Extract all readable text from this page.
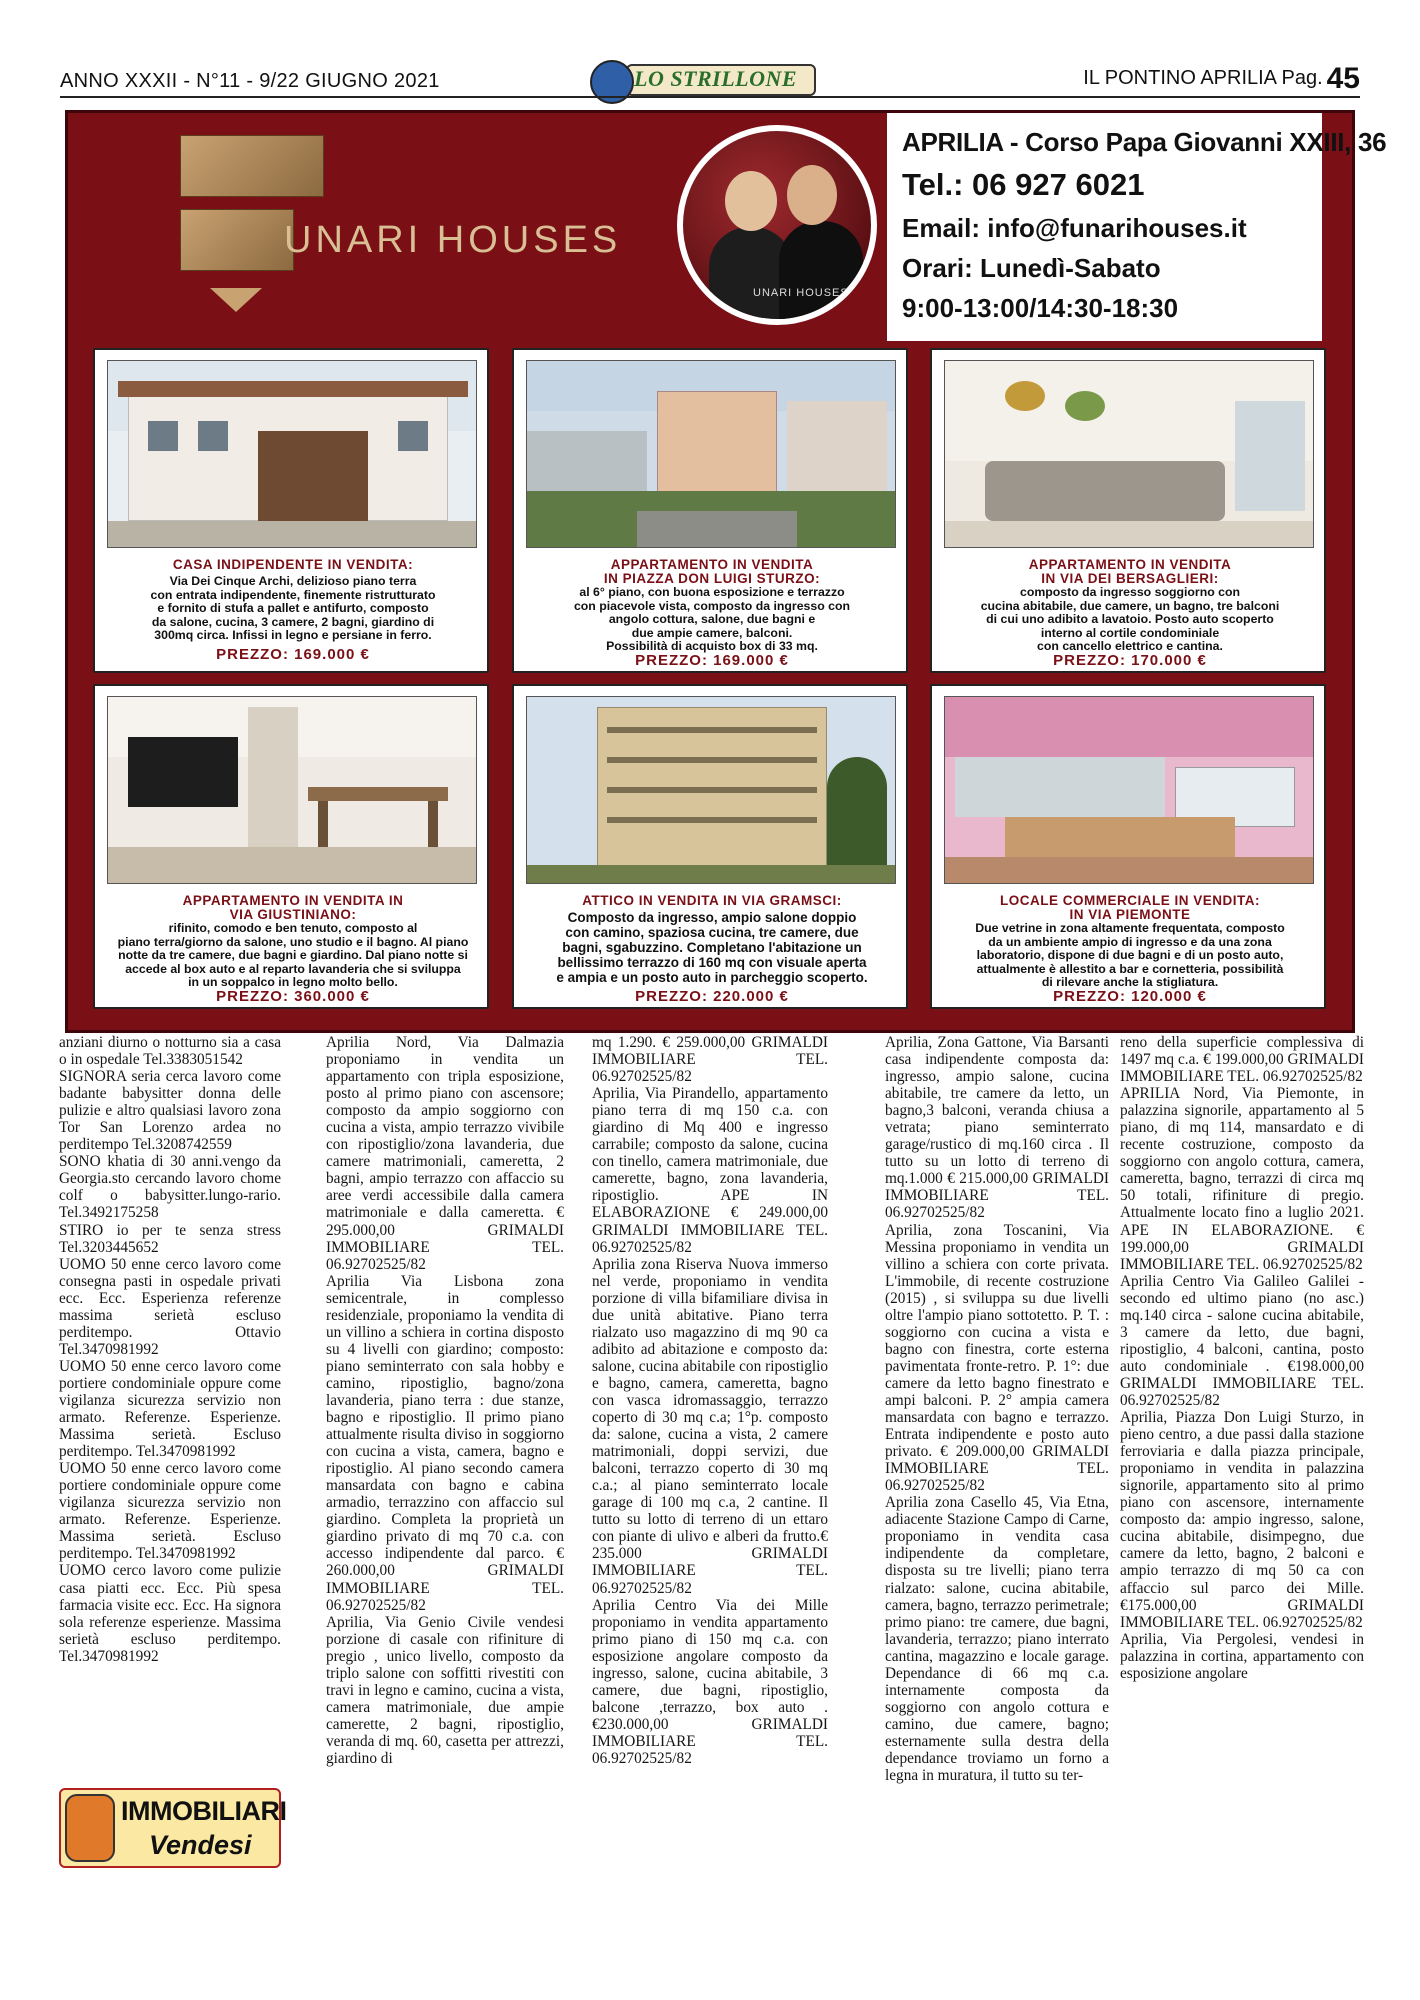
ANNO XXXII - N°11 - 9/22 GIUGNO 2021	IL PONTINO APRILIA Pag. 45
LO STRILLONE
UNARI HOUSES
UNARI HOUSES
APRILIA - Corso Papa Giovanni XXIII, 36
Tel.: 06 927 6021
Email: info@funarihouses.it
Orari: Lunedì-Sabato
9:00-13:00/14:30-18:30
CASA INDIPENDENTE IN VENDITA:
Via Dei Cinque Archi, delizioso piano terra
con entrata indipendente, finemente ristrutturato
e fornito di stufa a pallet e antifurto, composto
da salone, cucina, 3 camere, 2 bagni, giardino di
300mq circa. Infissi in legno e persiane in ferro.
PREZZO: 169.000 €
APPARTAMENTO IN VENDITA
IN PIAZZA DON LUIGI STURZO:
al 6° piano, con buona esposizione e terrazzo
con piacevole vista, composto da ingresso con
angolo cottura, salone, due bagni e
due ampie camere, balconi.
Possibilità di acquisto box di 33 mq.
PREZZO: 169.000 €
APPARTAMENTO IN VENDITA
IN VIA DEI BERSAGLIERI:
composto da ingresso soggiorno con
cucina abitabile, due camere, un bagno, tre balconi
di cui uno adibito a lavatoio. Posto auto scoperto
interno al cortile condominiale
con cancello elettrico e cantina.
PREZZO: 170.000 €
APPARTAMENTO IN VENDITA IN
VIA GIUSTINIANO:
rifinito, comodo e ben tenuto, composto al
piano terra/giorno da salone, uno studio e il bagno. Al piano
notte da tre camere, due bagni e giardino. Dal piano notte si
accede al box auto e al reparto lavanderia che si sviluppa
in un soppalco in legno molto bello.
PREZZO: 360.000 €
ATTICO IN VENDITA IN VIA GRAMSCI:
Composto da ingresso, ampio salone doppio
con camino, spaziosa cucina, tre camere, due
bagni, sgabuzzino. Completano l'abitazione un
bellissimo terrazzo di 160 mq con visuale aperta
e ampia e un posto auto in parcheggio scoperto.
PREZZO: 220.000 €
LOCALE COMMERCIALE IN VENDITA:
IN VIA PIEMONTE
Due vetrine in zona altamente frequentata, composto
da un ambiente ampio di ingresso e da una zona
laboratorio, dispone di due bagni e di un posto auto,
attualmente è allestito a bar e cornetteria, possibilità
di rilevare anche la stigliatura.
PREZZO: 120.000 €
anziani diurno o notturno sia a casa o in ospedale Tel.3383051542
SIGNORA seria cerca lavoro come badante babysitter donna delle pulizie e altro qualsiasi lavoro zona Tor San Lorenzo ardea no perditempo Tel.3208742559
SONO khatia di 30 anni.vengo da Georgia.sto cercando lavoro chome colf o babysitter.lungo-rario. Tel.3492175258
STIRO io per te senza stress Tel.3203445652
UOMO 50 enne cerco lavoro come consegna pasti in ospedale privati ecc. Ecc. Esperienza referenze massima serietà escluso perditempo. Ottavio Tel.3470981992
UOMO 50 enne cerco lavoro come portiere condominiale oppure come vigilanza sicurezza servizio non armato. Referenze. Esperienze. Massima serietà. Escluso perditempo. Tel.3470981992
UOMO 50 enne cerco lavoro come portiere condominiale oppure come vigilanza sicurezza servizio non armato. Referenze. Esperienze. Massima serietà. Escluso perditempo. Tel.3470981992
UOMO cerco lavoro come pulizie casa piatti ecc. Ecc. Più spesa farmacia visite ecc. Ecc. Ha signora sola referenze esperienze. Massima serietà escluso perditempo. Tel.3470981992
Aprilia Nord, Via Dalmazia proponiamo in vendita un appartamento con tripla esposizione, posto al primo piano con ascensore; composto da ampio soggiorno con cucina a vista, ampio terrazzo vivibile con ripostiglio/zona lavanderia, due camere matrimoniali, cameretta, 2 bagni, ampio terrazzo con affaccio su aree verdi accessibile dalla camera matrimoniale e dalla cameretta. € 295.000,00 GRIMALDI IMMOBILIARE TEL. 06.92702525/82
Aprilia Via Lisbona zona semicentrale, in complesso residenziale, proponiamo la vendita di un villino a schiera in cortina disposto su 4 livelli con giardino; composto: piano seminterrato con sala hobby e camino, ripostiglio, bagno/zona lavanderia, piano terra : due stanze, bagno e ripostiglio. Il primo piano attualmente risulta diviso in soggiorno con cucina a vista, camera, bagno e ripostiglio. Al piano secondo camera mansardata con bagno e cabina armadio, terrazzino con affaccio sul giardino. Completa la proprietà un giardino privato di mq 70 c.a. con accesso indipendente dal parco. € 260.000,00 GRIMALDI IMMOBILIARE TEL. 06.92702525/82
Aprilia, Via Genio Civile vendesi porzione di casale con rifiniture di pregio , unico livello, composto da triplo salone con soffitti rivestiti con travi in legno e camino, cucina a vista, camera matrimoniale, due ampie camerette, 2 bagni, ripostiglio, veranda di mq. 60, casetta per attrezzi, giardino di
mq 1.290. € 259.000,00 GRIMALDI IMMOBILIARE TEL. 06.92702525/82
Aprilia, Via Pirandello, appartamento piano terra di mq 150 c.a. con giardino di Mq 400 e ingresso carrabile; composto da salone, cucina con tinello, camera matrimoniale, due camerette, bagno, zona lavanderia, ripostiglio. APE IN ELABORAZIONE € 249.000,00 GRIMALDI IMMOBILIARE TEL. 06.92702525/82
Aprilia zona Riserva Nuova immerso nel verde, proponiamo in vendita porzione di villa bifamiliare divisa in due unità abitative. Piano terra rialzato uso magazzino di mq 90 ca adibito ad abitazione e composto da: salone, cucina abitabile con ripostiglio e bagno, camera, cameretta, bagno con vasca idromassaggio, terrazzo coperto di 30 mq c.a; 1°p. composto da: salone, cucina a vista, 2 camere matrimoniali, doppi servizi, due balconi, terrazzo coperto di 30 mq c.a.; al piano seminterrato locale garage di 100 mq c.a, 2 cantine. Il tutto su lotto di terreno di un ettaro con piante di ulivo e alberi da frutto.€ 235.000 GRIMALDI IMMOBILIARE TEL. 06.92702525/82
Aprilia Centro Via dei Mille proponiamo in vendita appartamento primo piano di 150 mq c.a. con esposizione angolare composto da ingresso, salone, cucina abitabile, 3 camere, due bagni, ripostiglio, balcone ,terrazzo, box auto . €230.000,00 GRIMALDI IMMOBILIARE TEL. 06.92702525/82
Aprilia, Zona Gattone, Via Barsanti casa indipendente composta da: ingresso, ampio salone, cucina abitabile, tre camere da letto, un bagno,3 balconi, veranda chiusa a vetrata; piano seminterrato garage/rustico di mq.160 circa . Il tutto su un lotto di terreno di mq.1.000 € 215.000,00 GRIMALDI IMMOBILIARE TEL. 06.92702525/82
Aprilia, zona Toscanini, Via Messina proponiamo in vendita un villino a schiera con corte privata. L'immobile, di recente costruzione (2015) , si sviluppa su due livelli oltre l'ampio piano sottotetto. P. T. : soggiorno con cucina a vista e bagno con finestra, corte esterna pavimentata fronte-retro. P. 1°: due camere da letto bagno finestrato e ampi balconi. P. 2° ampia camera mansardata con bagno e terrazzo. Entrata indipendente e posto auto privato. € 209.000,00 GRIMALDI IMMOBILIARE TEL. 06.92702525/82
Aprilia zona Casello 45, Via Etna, adiacente Stazione Campo di Carne, proponiamo in vendita casa indipendente da completare, disposta su tre livelli; piano terra rialzato: salone, cucina abitabile, camera, bagno, terrazzo perimetrale; primo piano: tre camere, due bagni, lavanderia, terrazzo; piano interrato cantina, magazzino e locale garage. Dependance di 66 mq c.a. internamente composta da soggiorno con angolo cottura e camino, due camere, bagno; esternamente sulla destra della dependance troviamo un forno a legna in muratura, il tutto su ter-
reno della superficie complessiva di 1497 mq c.a. € 199.000,00 GRIMALDI IMMOBILIARE TEL. 06.92702525/82
APRILIA Nord, Via Piemonte, in palazzina signorile, appartamento al 5 piano, di mq 114, mansardato e di recente costruzione, composto da soggiorno con angolo cottura, camera, cameretta, bagno, terrazzi di circa mq 50 totali, rifiniture di pregio. Attualmente locato fino a luglio 2021. APE IN ELABORAZIONE. € 199.000,00 GRIMALDI IMMOBILIARE TEL. 06.92702525/82
Aprilia Centro Via Galileo Galilei - secondo ed ultimo piano (no asc.) mq.140 circa - salone cucina abitabile, 3 camere da letto, due bagni, ripostiglio, 4 balconi, cantina, posto auto condominiale . €198.000,00 GRIMALDI IMMOBILIARE TEL. 06.92702525/82
Aprilia, Piazza Don Luigi Sturzo, in pieno centro, a due passi dalla stazione ferroviaria e dalla piazza principale, proponiamo in vendita in palazzina signorile, appartamento sito al primo piano con ascensore, internamente composto da: ampio ingresso, salone, cucina abitabile, disimpegno, due camere da letto, bagno, 2 balconi e ampio terrazzo di mq 50 ca con affaccio sul parco dei Mille. €175.000,00 GRIMALDI IMMOBILIARE TEL. 06.92702525/82
Aprilia, Via Pergolesi, vendesi in palazzina in cortina, appartamento con esposizione angolare
IMMOBILIARI
Vendesi
